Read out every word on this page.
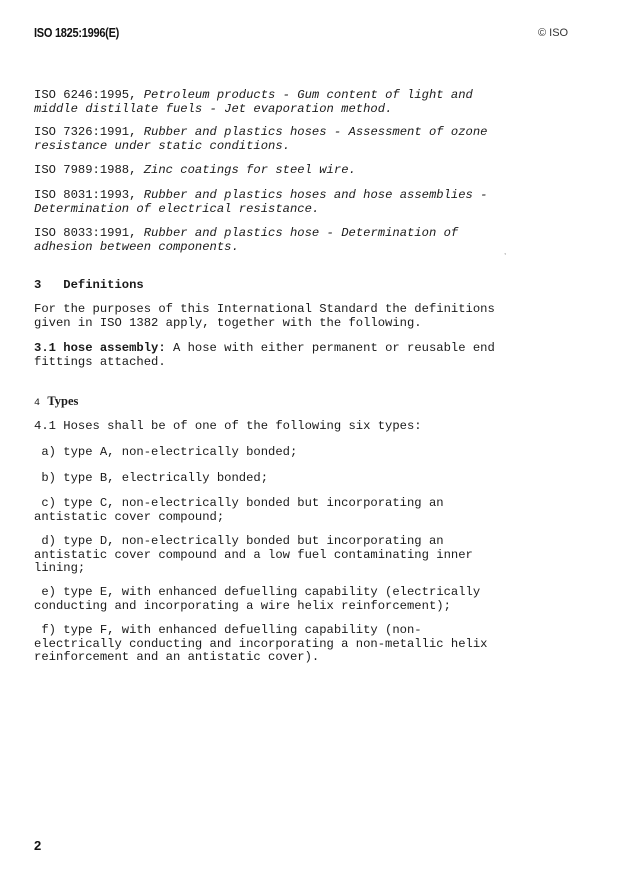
ISO 1825:1996(E)	© ISO
ISO 6246:1995, Petroleum products - Gum content of light and
middle distillate fuels - Jet evaporation method.
ISO 7326:1991, Rubber and plastics hoses - Assessment of ozone
resistance under static conditions.
ISO 7989:1988, Zinc coatings for steel wire.
ISO 8031:1993, Rubber and plastics hoses and hose assemblies -
Determination of electrical resistance.
ISO 8033:1991, Rubber and plastics hose - Determination of
adhesion between components.	,
3 Definitions
For the purposes of this International Standard the definitions
given in ISO 1382 apply, together with the following.
3.1 hose assembly: A hose with either permanent or reusable end
fittings attached.
4 Types
4.1 Hoses shall be of one of the following six types:
a) type A, non-electrically bonded;
b) type B, electrically bonded;
c) type C, non-electrically bonded but incorporating an
antistatic cover compound;
d) type D, non-electrically bonded but incorporating an
antistatic cover compound and a low fuel contaminating inner
lining;
e) type E, with enhanced defuelling capability (electrically
conducting and incorporating a wire helix reinforcement);
f) type F, with enhanced defuelling capability (non-
electrically conducting and incorporating a non-metallic helix
reinforcement and an antistatic cover).
2
